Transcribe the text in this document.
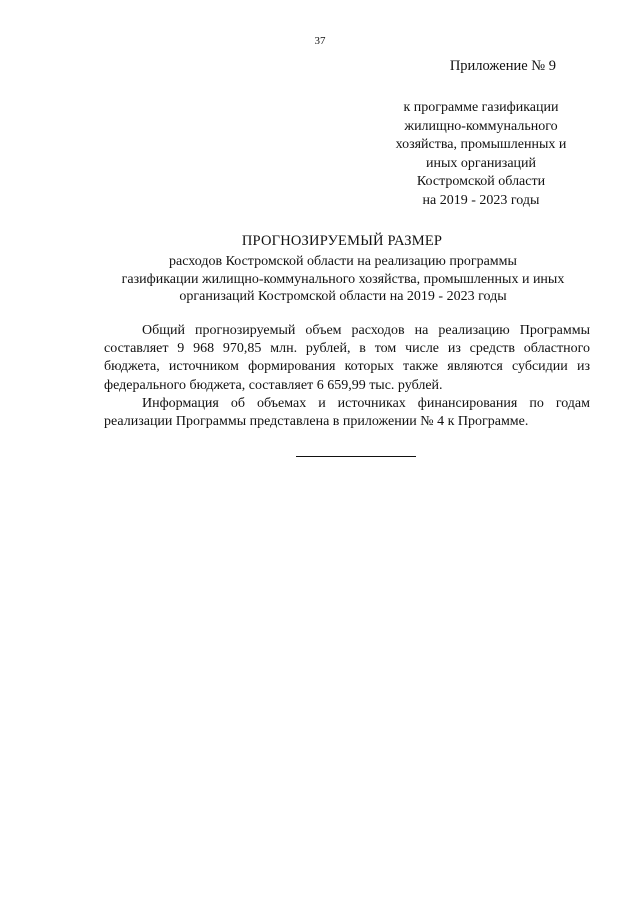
37
Приложение № 9
к программе газификации
жилищно-коммунального
хозяйства, промышленных и
иных организаций
Костромской области
на 2019 - 2023 годы
ПРОГНОЗИРУЕМЫЙ РАЗМЕР
расходов Костромской области на реализацию программы
газификации жилищно-коммунального хозяйства, промышленных и иных
организаций Костромской области на 2019 - 2023 годы

Общий прогнозируемый объем расходов на реализацию Программы составляет 9 968 970,85 млн. рублей, в том числе из средств областного бюджета, источником формирования которых также являются субсидии из федерального бюджета, составляет 6 659,99 тыс. рублей.

Информация об объемах и источниках финансирования по годам реализации Программы представлена в приложении № 4 к Программе.
